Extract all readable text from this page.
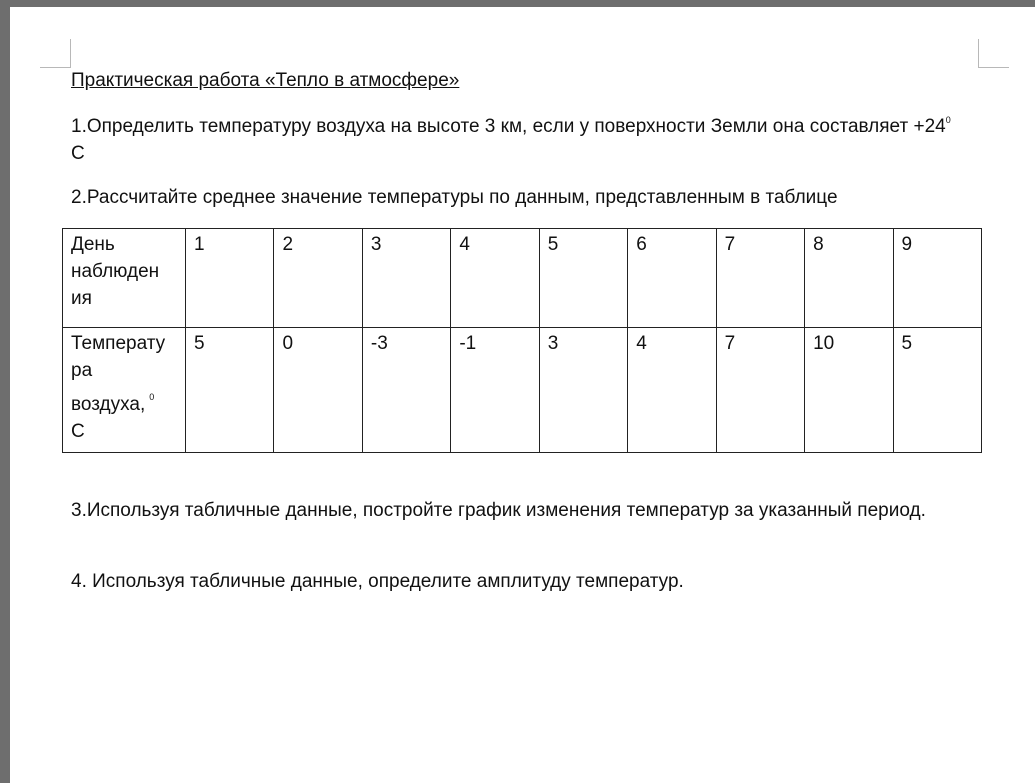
Практическая работа «Тепло в атмосфере»
1.Определить температуру воздуха на высоте 3 км, если у поверхности Земли она составляет $+24^0$ С
2.Рассчитайте среднее значение температуры по данным, представленным в таблице
День
наблюден
ия	1	2	3	4	5	6	7	8	9
Температу
ра
воздуха, $^0$
С	5	0	-3	-1	3	4	7	10	5
3.Используя табличные данные, постройте график изменения температур за указанный период.
4. Используя табличные данные, определите амплитуду температур.
